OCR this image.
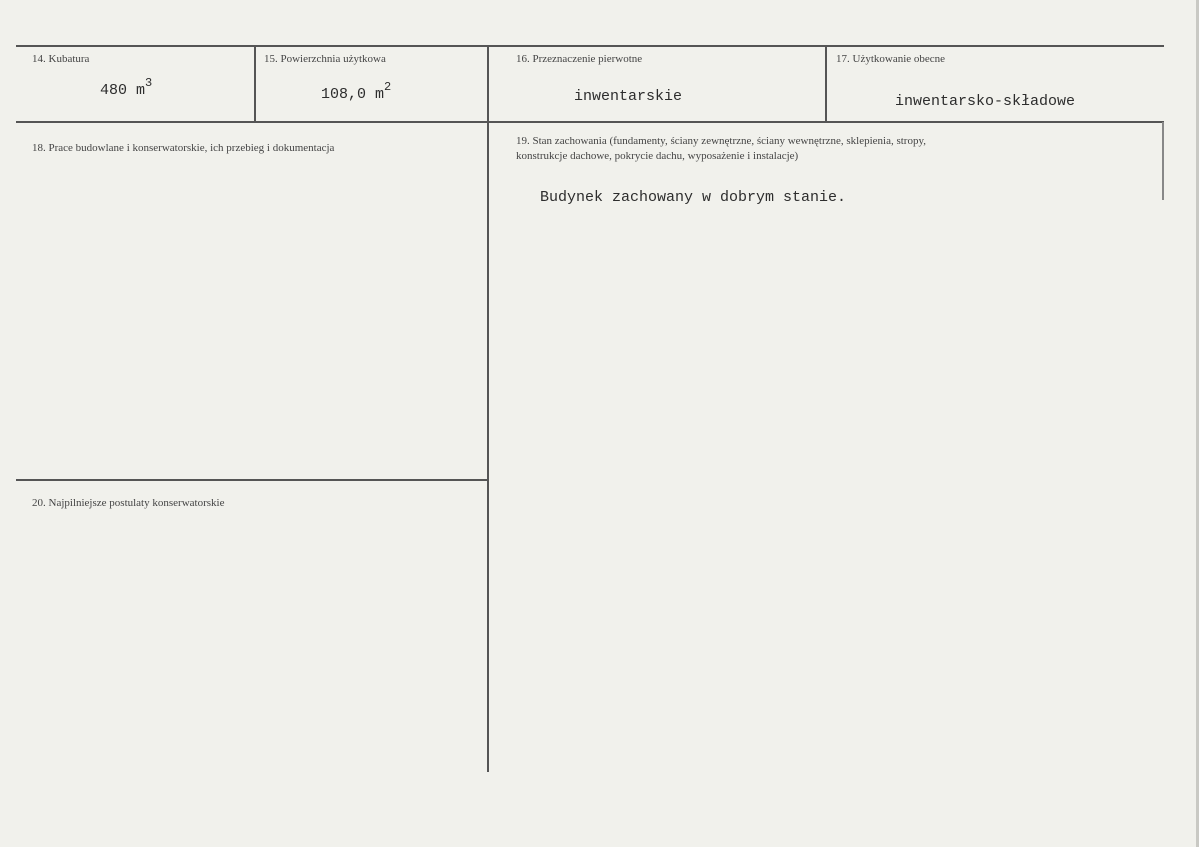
14. Kubatura
480 $m^3$
15. Powierzchnia użytkowa
108,0 $m^2$
16. Przeznaczenie pierwotne
inwentarskie
17. Użytkowanie obecne
inwentarsko-składowe
18. Prace budowlane i konserwatorskie, ich przebieg i dokumentacja
19. Stan zachowania (fundamenty, ściany zewnętrzne, ściany wewnętrzne, sklepienia, stropy,
konstrukcje dachowe, pokrycie dachu, wyposażenie i instalacje)
Budynek zachowany w dobrym stanie.
20. Najpilniejsze postulaty konserwatorskie
